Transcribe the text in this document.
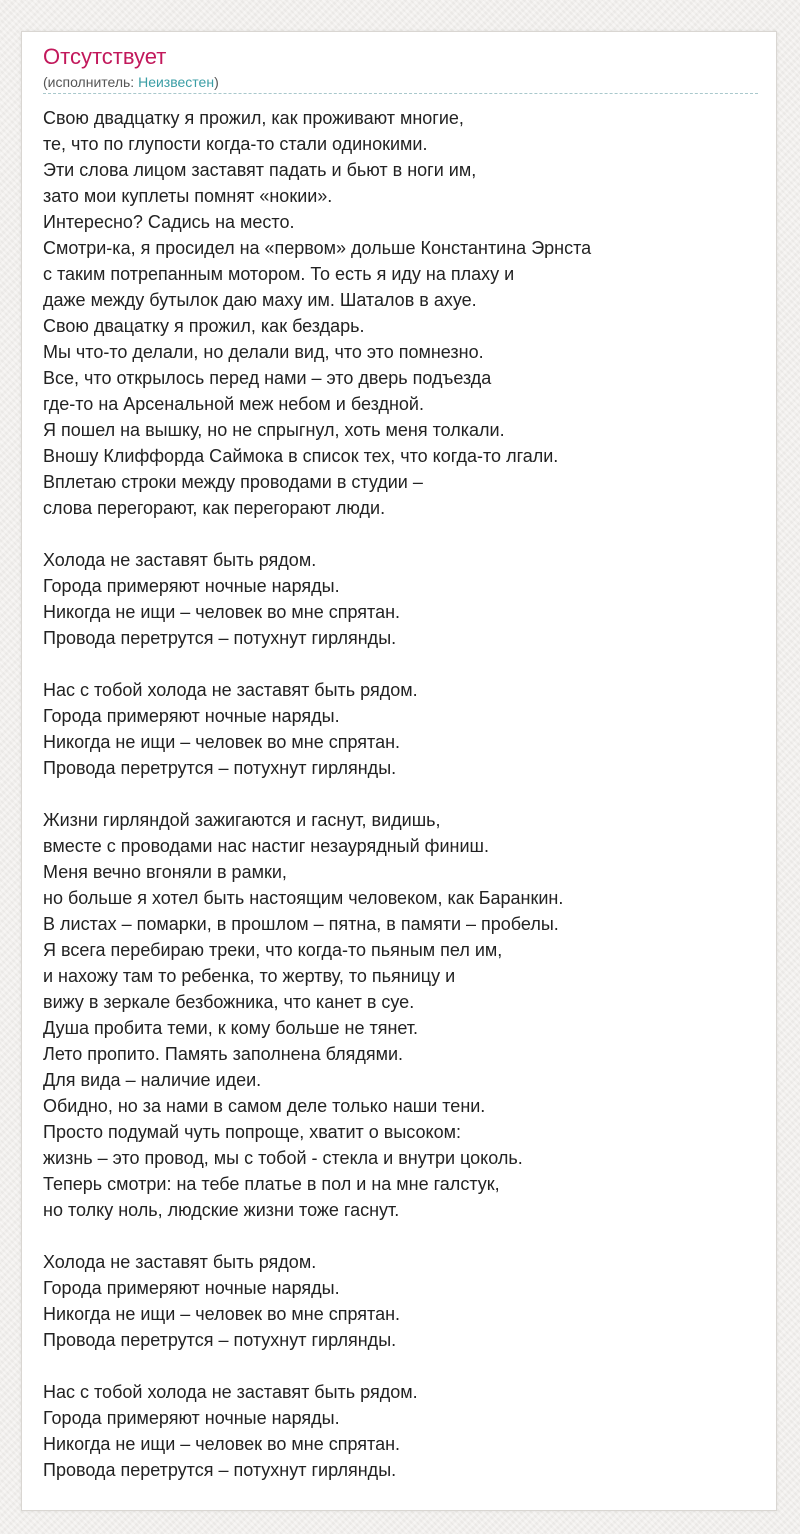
Отсутствует
(исполнитель: Неизвестен)
Свою двадцатку я прожил, как проживают многие,
те, что по глупости когда-то стали одинокими.
Эти слова лицом заставят падать и бьют в ноги им,
зато мои куплеты помнят «нокии».
Интересно? Садись на место.
Смотри-ка, я просидел на «первом» дольше Константина Эрнста
с таким потрепанным мотором. То есть я иду на плаху и
даже между бутылок даю маху им. Шаталов в ахуе.
Свою двацатку я прожил, как бездарь.
Мы что-то делали, но делали вид, что это помнезно.
Все, что открылось перед нами – это дверь подъезда
где-то на Арсенальной меж небом и бездной.
Я пошел на вышку, но не спрыгнул, хоть меня толкали.
Вношу Клиффорда Саймока в список тех, что когда-то лгали.
Вплетаю строки между проводами в студии –
слова перегорают, как перегорают люди.
Холода не заставят быть рядом.
Города примеряют ночные наряды.
Никогда не ищи – человек во мне спрятан.
Провода перетрутся – потухнут гирлянды.
Нас с тобой холода не заставят быть рядом.
Города примеряют ночные наряды.
Никогда не ищи – человек во мне спрятан.
Провода перетрутся – потухнут гирлянды.
Жизни гирляндой зажигаются и гаснут, видишь,
вместе с проводами нас настиг незаурядный финиш.
Меня вечно вгоняли в рамки,
но больше я хотел быть настоящим человеком, как Баранкин.
В листах – помарки, в прошлом – пятна, в памяти – пробелы.
Я всега перебираю треки, что когда-то пьяным пел им,
и нахожу там то ребенка, то жертву, то пьяницу и
вижу в зеркале безбожника, что канет в суе.
Душа пробита теми, к кому больше не тянет.
Лето пропито. Память заполнена блядями.
Для вида – наличие идеи.
Обидно, но за нами в самом деле только наши тени.
Просто подумай чуть попроще, хватит о высоком:
жизнь – это провод, мы с тобой - стекла и внутри цоколь.
Теперь смотри: на тебе платье в пол и на мне галстук,
но толку ноль, людские жизни тоже гаснут.
Холода не заставят быть рядом.
Города примеряют ночные наряды.
Никогда не ищи – человек во мне спрятан.
Провода перетрутся – потухнут гирлянды.
Нас с тобой холода не заставят быть рядом.
Города примеряют ночные наряды.
Никогда не ищи – человек во мне спрятан.
Провода перетрутся – потухнут гирлянды.
